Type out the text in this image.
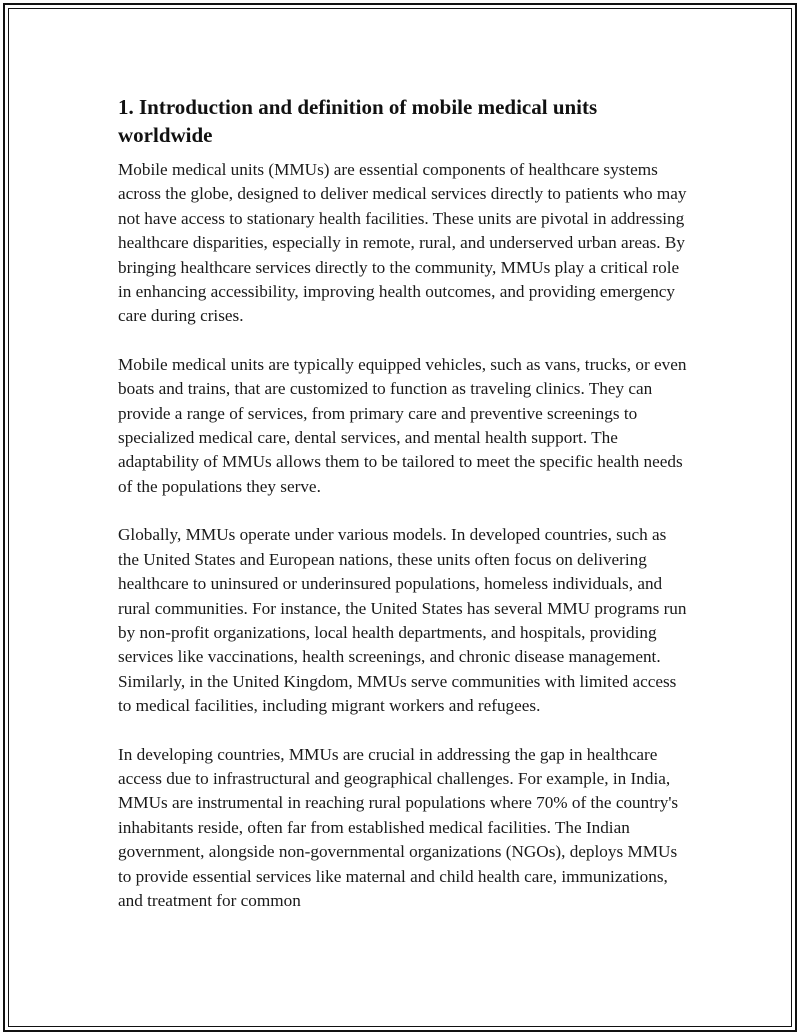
1. Introduction and definition of mobile medical units worldwide

Mobile medical units (MMUs) are essential components of healthcare systems across the globe, designed to deliver medical services directly to patients who may not have access to stationary health facilities. These units are pivotal in addressing healthcare disparities, especially in remote, rural, and underserved urban areas. By bringing healthcare services directly to the community, MMUs play a critical role in enhancing accessibility, improving health outcomes, and providing emergency care during crises.

Mobile medical units are typically equipped vehicles, such as vans, trucks, or even boats and trains, that are customized to function as traveling clinics. They can provide a range of services, from primary care and preventive screenings to specialized medical care, dental services, and mental health support. The adaptability of MMUs allows them to be tailored to meet the specific health needs of the populations they serve.

Globally, MMUs operate under various models. In developed countries, such as the United States and European nations, these units often focus on delivering healthcare to uninsured or underinsured populations, homeless individuals, and rural communities. For instance, the United States has several MMU programs run by non-profit organizations, local health departments, and hospitals, providing services like vaccinations, health screenings, and chronic disease management. Similarly, in the United Kingdom, MMUs serve communities with limited access to medical facilities, including migrant workers and refugees.

In developing countries, MMUs are crucial in addressing the gap in healthcare access due to infrastructural and geographical challenges. For example, in India, MMUs are instrumental in reaching rural populations where 70% of the country's inhabitants reside, often far from established medical facilities. The Indian government, alongside non-governmental organizations (NGOs), deploys MMUs to provide essential services like maternal and child health care, immunizations, and treatment for common
